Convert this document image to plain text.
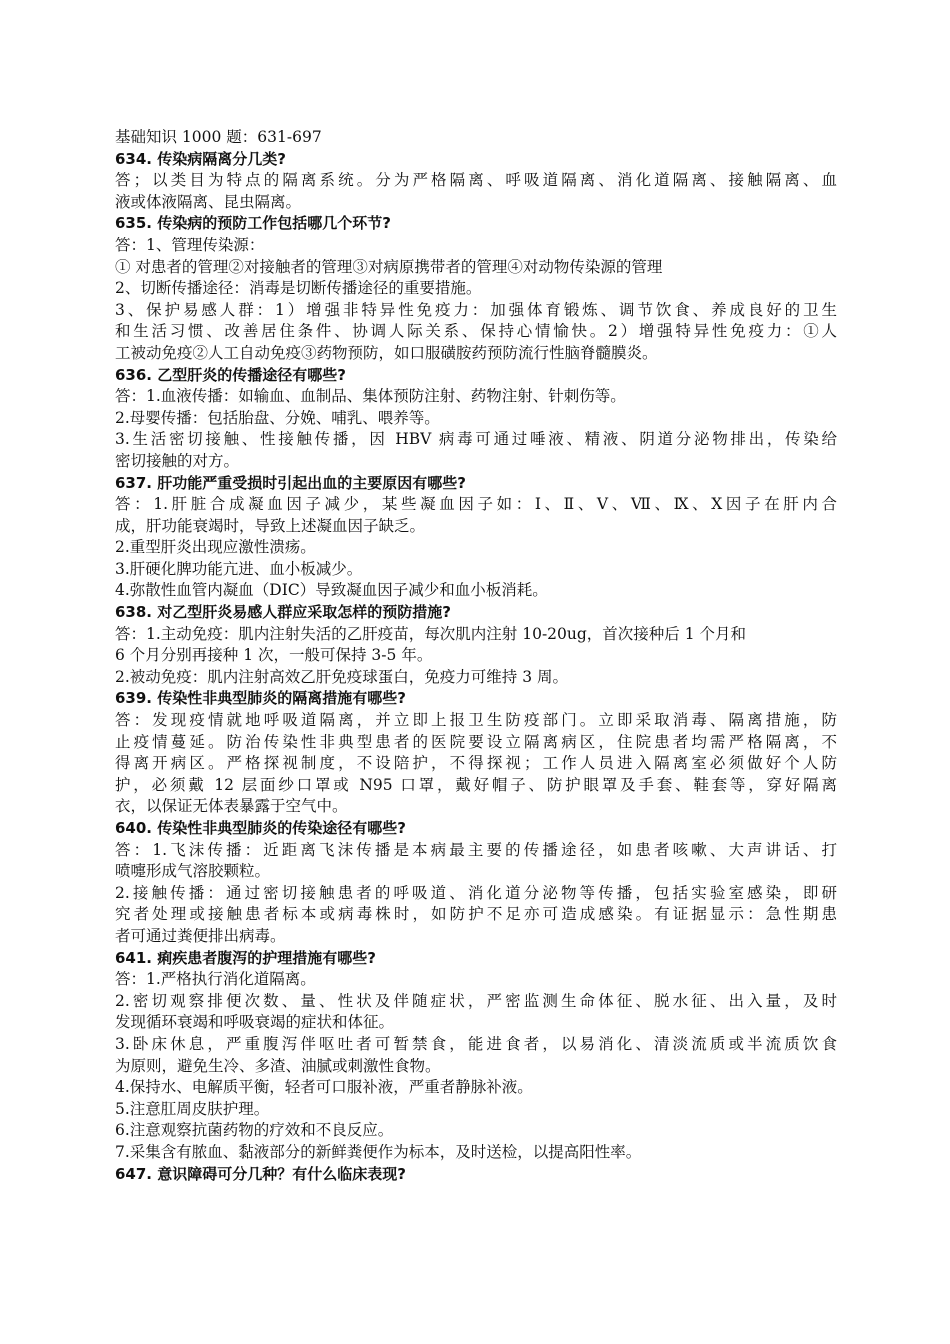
基础知识 1000 题：631-697
634. 传染病隔离分几类?
答；以类目为特点的隔离系统。分为严格隔离、呼吸道隔离、消化道隔离、接触隔离、血
液或体液隔离、昆虫隔离。
635. 传染病的预防工作包括哪几个环节?
答：1、管理传染源：
① 对患者的管理②对接触者的管理③对病原携带者的管理④对动物传染源的管理
2、切断传播途径：消毒是切断传播途径的重要措施。
3、保护易感人群：1）增强非特异性免疫力：加强体育锻炼、调节饮食、养成良好的卫生
和生活习惯、改善居住条件、协调人际关系、保持心情愉快。2）增强特异性免疫力：①人
工被动免疫②人工自动免疫③药物预防，如口服磺胺药预防流行性脑脊髓膜炎。
636. 乙型肝炎的传播途径有哪些?
答：1.血液传播：如输血、血制品、集体预防注射、药物注射、针刺伤等。
2.母婴传播：包括胎盘、分娩、哺乳、喂养等。
3.生活密切接触、性接触传播，因 HBV 病毒可通过唾液、精液、阴道分泌物排出，传染给
密切接触的对方。
637. 肝功能严重受损时引起出血的主要原因有哪些?
答：1.肝脏合成凝血因子减少，某些凝血因子如：Ⅰ、Ⅱ、Ⅴ、Ⅶ、Ⅸ、Ⅹ因子在肝内合
成，肝功能衰竭时，导致上述凝血因子缺乏。
2.重型肝炎出现应激性溃疡。
3.肝硬化脾功能亢进、血小板减少。
4.弥散性血管内凝血（DIC）导致凝血因子减少和血小板消耗。
638. 对乙型肝炎易感人群应采取怎样的预防措施?
答：1.主动免疫：肌内注射失活的乙肝疫苗，每次肌内注射 10-20ug，首次接种后 1 个月和
6 个月分别再接种 1 次，一般可保持 3-5 年。
2.被动免疫：肌内注射高效乙肝免疫球蛋白，免疫力可维持 3 周。
639. 传染性非典型肺炎的隔离措施有哪些?
答：发现疫情就地呼吸道隔离，并立即上报卫生防疫部门。立即采取消毒、隔离措施，防
止疫情蔓延。防治传染性非典型患者的医院要设立隔离病区，住院患者均需严格隔离，不
得离开病区。严格探视制度，不设陪护，不得探视；工作人员进入隔离室必须做好个人防
护，必须戴 12 层面纱口罩或 N95 口罩，戴好帽子、防护眼罩及手套、鞋套等，穿好隔离
衣，以保证无体表暴露于空气中。
640. 传染性非典型肺炎的传染途径有哪些?
答：1.飞沫传播：近距离飞沫传播是本病最主要的传播途径，如患者咳嗽、大声讲话、打
喷嚏形成气溶胶颗粒。
2.接触传播：通过密切接触患者的呼吸道、消化道分泌物等传播，包括实验室感染，即研
究者处理或接触患者标本或病毒株时，如防护不足亦可造成感染。有证据显示：急性期患
者可通过粪便排出病毒。
641. 痢疾患者腹泻的护理措施有哪些?
答：1.严格执行消化道隔离。
2.密切观察排便次数、量、性状及伴随症状，严密监测生命体征、脱水征、出入量，及时
发现循环衰竭和呼吸衰竭的症状和体征。
3.卧床休息，严重腹泻伴呕吐者可暂禁食，能进食者，以易消化、清淡流质或半流质饮食
为原则，避免生冷、多渣、油腻或刺激性食物。
4.保持水、电解质平衡，轻者可口服补液，严重者静脉补液。
5.注意肛周皮肤护理。
6.注意观察抗菌药物的疗效和不良反应。
7.采集含有脓血、黏液部分的新鲜粪便作为标本，及时送检，以提高阳性率。
647. 意识障碍可分几种？有什么临床表现?
